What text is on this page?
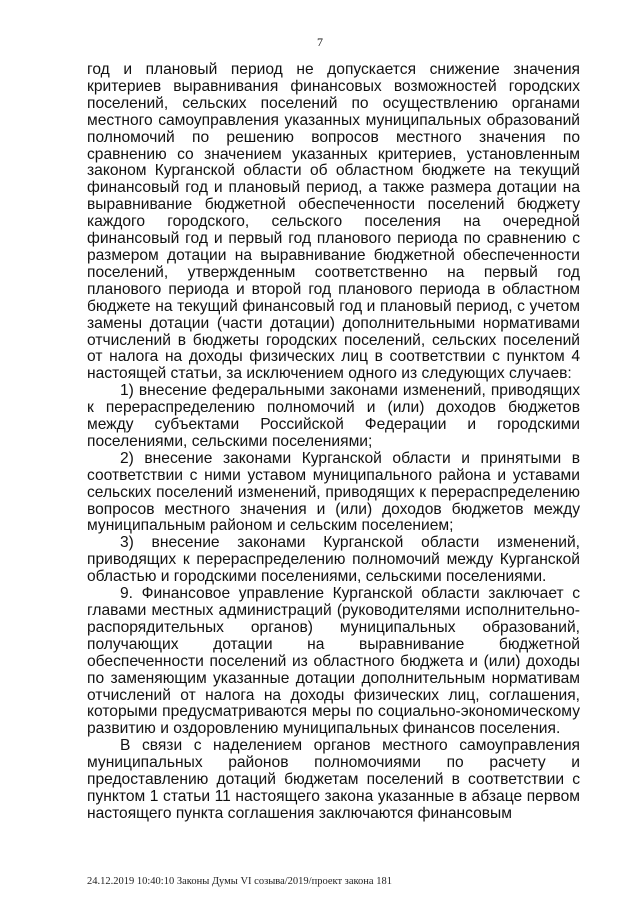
7

год и плановый период не допускается снижение значения критериев выравнивания финансовых возможностей городских поселений, сельских поселений по осуществлению органами местного самоуправления указанных муниципальных образований полномочий по решению вопросов местного значения по сравнению со значением указанных критериев, установленным законом Курганской области об областном бюджете на текущий финансовый год и плановый период, а также размера дотации на выравнивание бюджетной обеспеченности поселений бюджету каждого городского, сельского поселения на очередной финансовый год и первый год планового периода по сравнению с размером дотации на выравнивание бюджетной обеспеченности поселений, утвержденным соответственно на первый год планового периода и второй год планового периода в областном бюджете на текущий финансовый год и плановый период, с учетом замены дотации (части дотации) дополнительными нормативами отчислений в бюджеты городских поселений, сельских поселений от налога на доходы физических лиц в соответствии с пунктом 4 настоящей статьи, за исключением одного из следующих случаев:

1) внесение федеральными законами изменений, приводящих к перераспределению полномочий и (или) доходов бюджетов между субъектами Российской Федерации и городскими поселениями, сельскими поселениями;

2) внесение законами Курганской области и принятыми в соответствии с ними уставом муниципального района и уставами сельских поселений изменений, приводящих к перераспределению вопросов местного значения и (или) доходов бюджетов между муниципальным районом и сельским поселением;

3) внесение законами Курганской области изменений, приводящих к перераспределению полномочий между Курганской областью и городскими поселениями, сельскими поселениями.

9. Финансовое управление Курганской области заключает с главами местных администраций (руководителями исполнительно-распорядительных органов) муниципальных образований, получающих дотации на выравнивание бюджетной обеспеченности поселений из областного бюджета и (или) доходы по заменяющим указанные дотации дополнительным нормативам отчислений от налога на доходы физических лиц, соглашения, которыми предусматриваются меры по социально-экономическому развитию и оздоровлению муниципальных финансов поселения.

В связи с наделением органов местного самоуправления муниципальных районов полномочиями по расчету и предоставлению дотаций бюджетам поселений в соответствии с пунктом 1 статьи 11 настоящего закона указанные в абзаце первом настоящего пункта соглашения заключаются финансовым

24.12.2019 10:40:10 Законы Думы VI созыва/2019/проект закона 181
